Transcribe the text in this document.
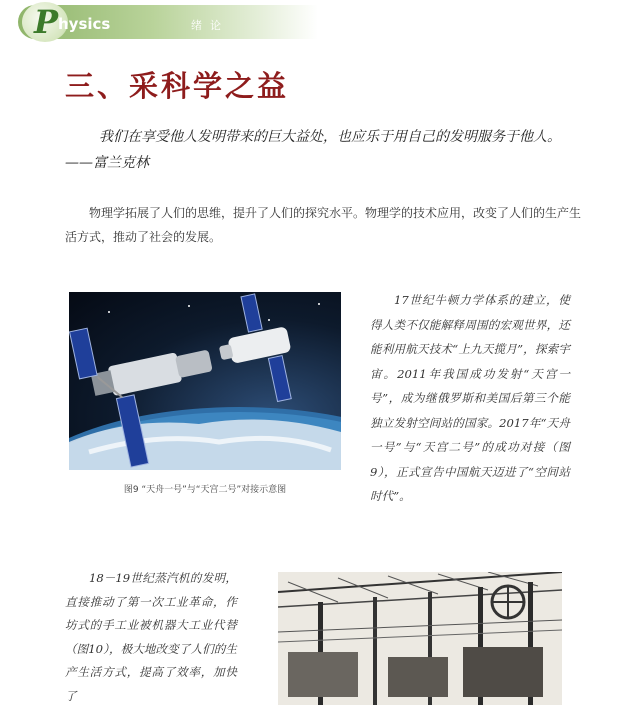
P hysics	绪论
三、采科学之益
我们在享受他人发明带来的巨大益处，也应乐于用自己的发明服务于他人。——富兰克林
物理学拓展了人们的思维，提升了人们的探究水平。物理学的技术应用，改变了人们的生产生活方式，推动了社会的发展。
图9 “天舟一号”与“天宫二号”对接示意图
17世纪牛顿力学体系的建立，使得人类不仅能解释周围的宏观世界，还能利用航天技术“上九天揽月”，探索宇宙。2011年我国成功发射“天宫一号”，成为继俄罗斯和美国后第三个能独立发射空间站的国家。2017年“天舟一号”与“天宫二号”的成功对接（图9），正式宣告中国航天迈进了“空间站时代”。
18－19世纪蒸汽机的发明，直接推动了第一次工业革命，作坊式的手工业被机器大工业代替（图10），极大地改变了人们的生产生活方式，提高了效率，加快了
